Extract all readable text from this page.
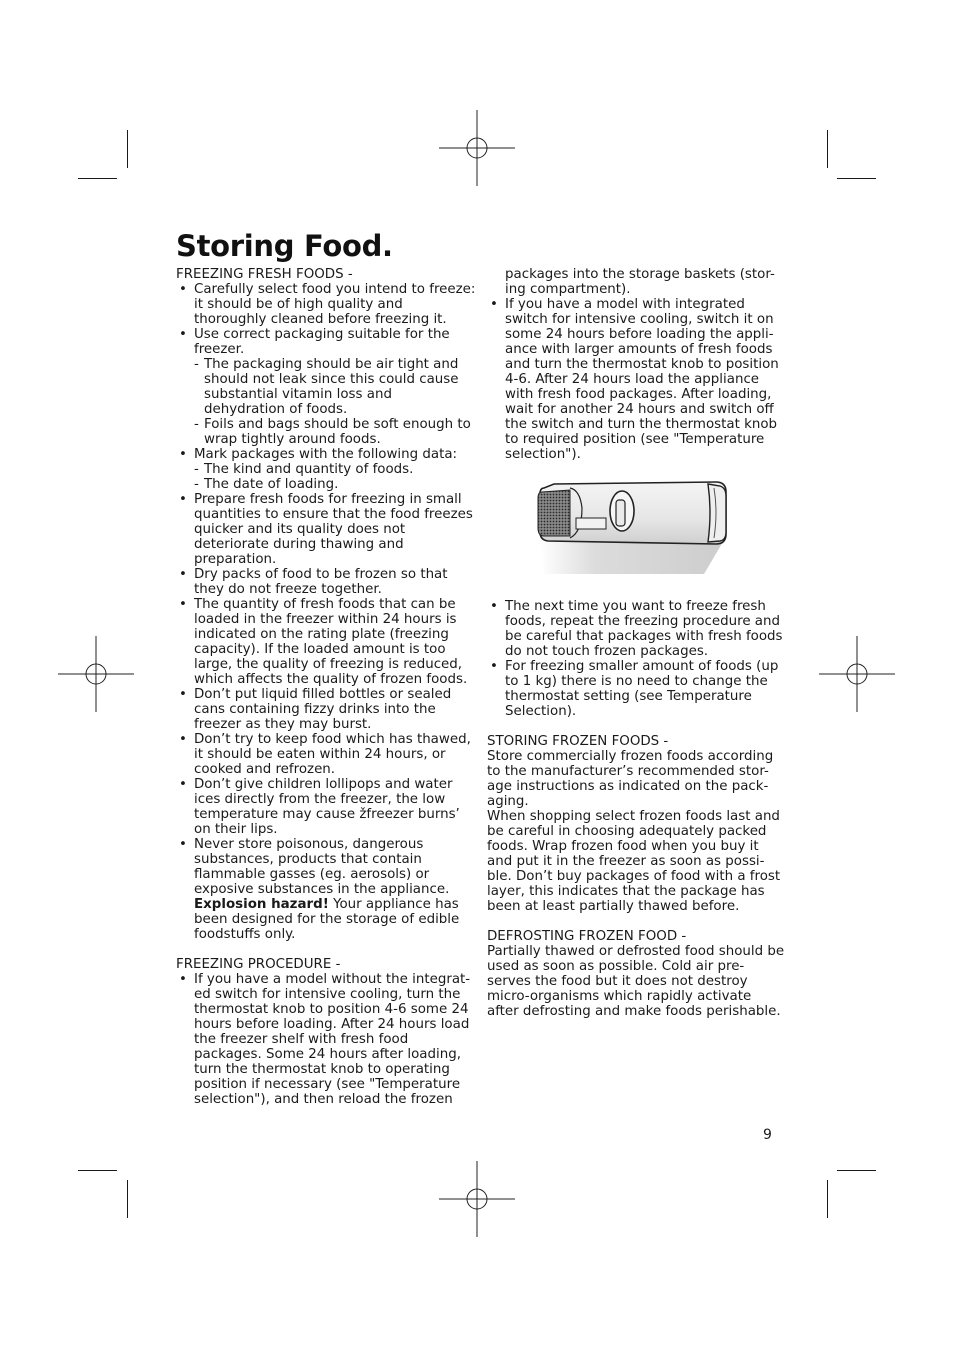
Storing Food.
FREEZING FRESH FOODS -
• Carefully select food you intend to freeze: it should be of high quality and thoroughly cleaned before freezing it.
• Use correct packaging suitable for the freezer.
- The packaging should be air tight and should not leak since this could cause substantial vitamin loss and dehydration of foods.
- Foils and bags should be soft enough to wrap tightly around foods.
• Mark packages with the following data:
- The kind and quantity of foods.
- The date of loading.
• Prepare fresh foods for freezing in small quantities to ensure that the food freezes quicker and its quality does not deteriorate during thawing and preparation.
• Dry packs of food to be frozen so that they do not freeze together.
• The quantity of fresh foods that can be loaded in the freezer within 24 hours is indicated on the rating plate (freezing capacity). If the loaded amount is too large, the quality of freezing is reduced, which affects the quality of frozen foods.
• Don’t put liquid filled bottles or sealed cans containing fizzy drinks into the freezer as they may burst.
• Don’t try to keep food which has thawed, it should be eaten within 24 hours, or cooked and refrozen.
• Don’t give children lollipops and water ices directly from the freezer, the low temperature may cause žfreezer burns’ on their lips.
• Never store poisonous, dangerous substances, products that contain flammable gasses (eg. aerosols) or exposive substances in the appliance. Explosion hazard! Your appliance has been designed for the storage of edible foodstuffs only.
FREEZING PROCEDURE -
• If you have a model without the integrat-ed switch for intensive cooling, turn the thermostat knob to position 4-6 some 24 hours before loading. After 24 hours load the freezer shelf with fresh food packages. Some 24 hours after loading, turn the thermostat knob to operating position if necessary (see "Temperature selection"), and then reload the frozen
packages into the storage baskets (stor-ing compartment).
• If you have a model with integrated switch for intensive cooling, switch it on some 24 hours before loading the appli-ance with larger amounts of fresh foods and turn the thermostat knob to position 4-6. After 24 hours load the appliance with fresh food packages. After loading, wait for another 24 hours and switch off the switch and turn the thermostat knob to required position (see "Temperature selection").
• The next time you want to freeze fresh foods, repeat the freezing procedure and be careful that packages with fresh foods do not touch frozen packages.
• For freezing smaller amount of foods (up to 1 kg) there is no need to change the thermostat setting (see Temperature Selection).
STORING FROZEN FOODS -

Store commercially frozen foods according to the manufacturer’s recommended stor-age instructions as indicated on the pack-aging.

When shopping select frozen foods last and be careful in choosing adequately packed foods. Wrap frozen food when you buy it and put it in the freezer as soon as possi-ble. Don’t buy packages of food with a frost layer, this indicates that the package has been at least partially thawed before.

DEFROSTING FROZEN FOOD -

Partially thawed or defrosted food should be used as soon as possible. Cold air pre-serves the food but it does not destroy micro-organisms which rapidly activate after defrosting and make foods perishable.

9
